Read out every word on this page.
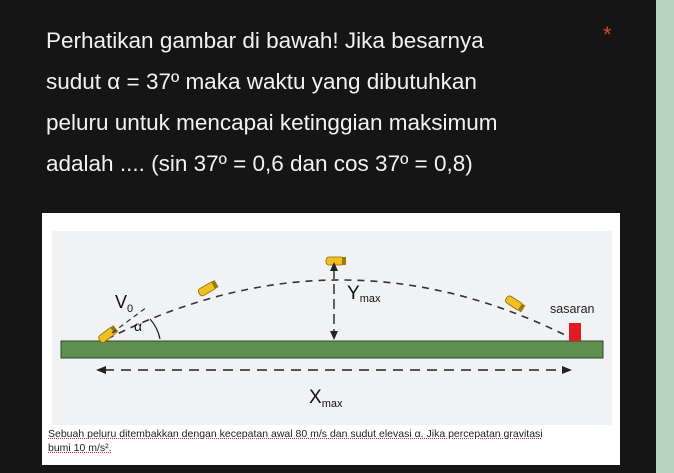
Perhatikan gambar di bawah! Jika besarnya
sudut α = 37º maka waktu yang dibutuhkan
peluru untuk mencapai ketinggian maksimum
adalah .... (sin 37º = 0,6 dan cos 37º = 0,8)
*
sasaran
Ymax
$V_0$
α
$X_{max}$
Sebuah peluru ditembakkan dengan kecepatan awal 80 m/s dan sudut elevasi α. Jika percepatan gravitasi
bumi 10 m/s².
